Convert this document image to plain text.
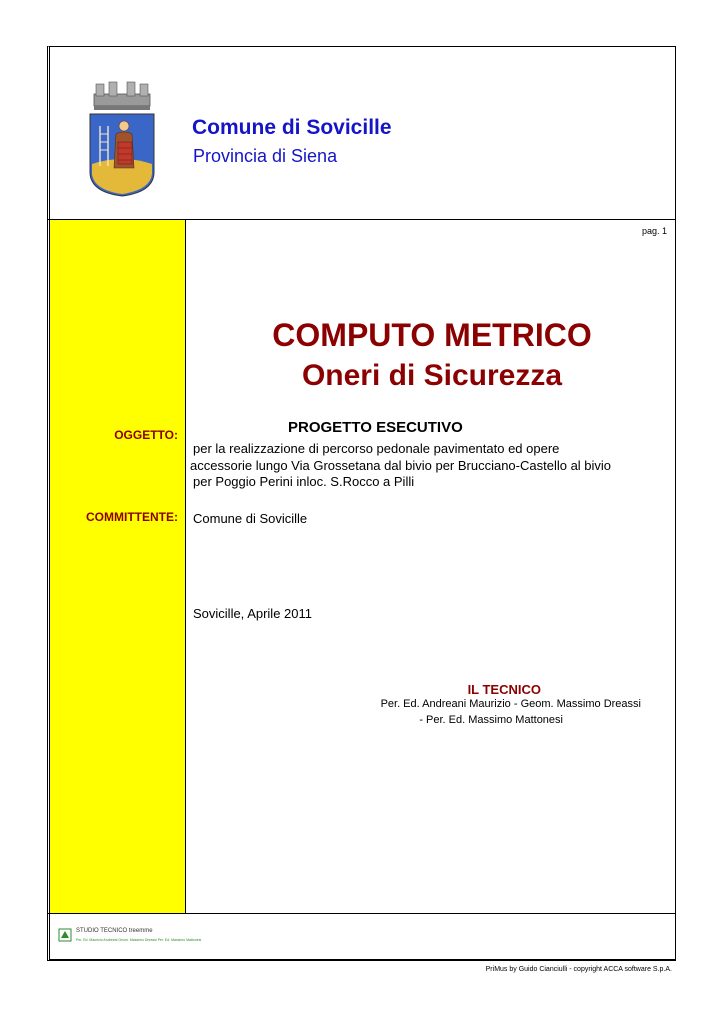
Comune di Sovicille
Provincia di Siena
pag. 1
COMPUTO METRICO
Oneri di Sicurezza
OGGETTO:	PROGETTO ESECUTIVO
per la realizzazione di percorso pedonale pavimentato ed opere
accessorie lungo Via Grossetana dal bivio per Brucciano-Castello al bivio
per Poggio Perini inloc. S.Rocco a Pilli
COMMITTENTE: Comune di Sovicille
Sovicille, Aprile 2011
IL TECNICO
Per. Ed. Andreani Maurizio - Geom. Massimo Dreassi
- Per. Ed. Massimo Mattonesi
STUDIO TECNICO treemme
Per. Ed. Maurizio Andreani Geom. Massimo Dreassi Per. Ed. Massimo Mattonesi
PriMus by Guido Cianciulli - copyright ACCA software S.p.A.
